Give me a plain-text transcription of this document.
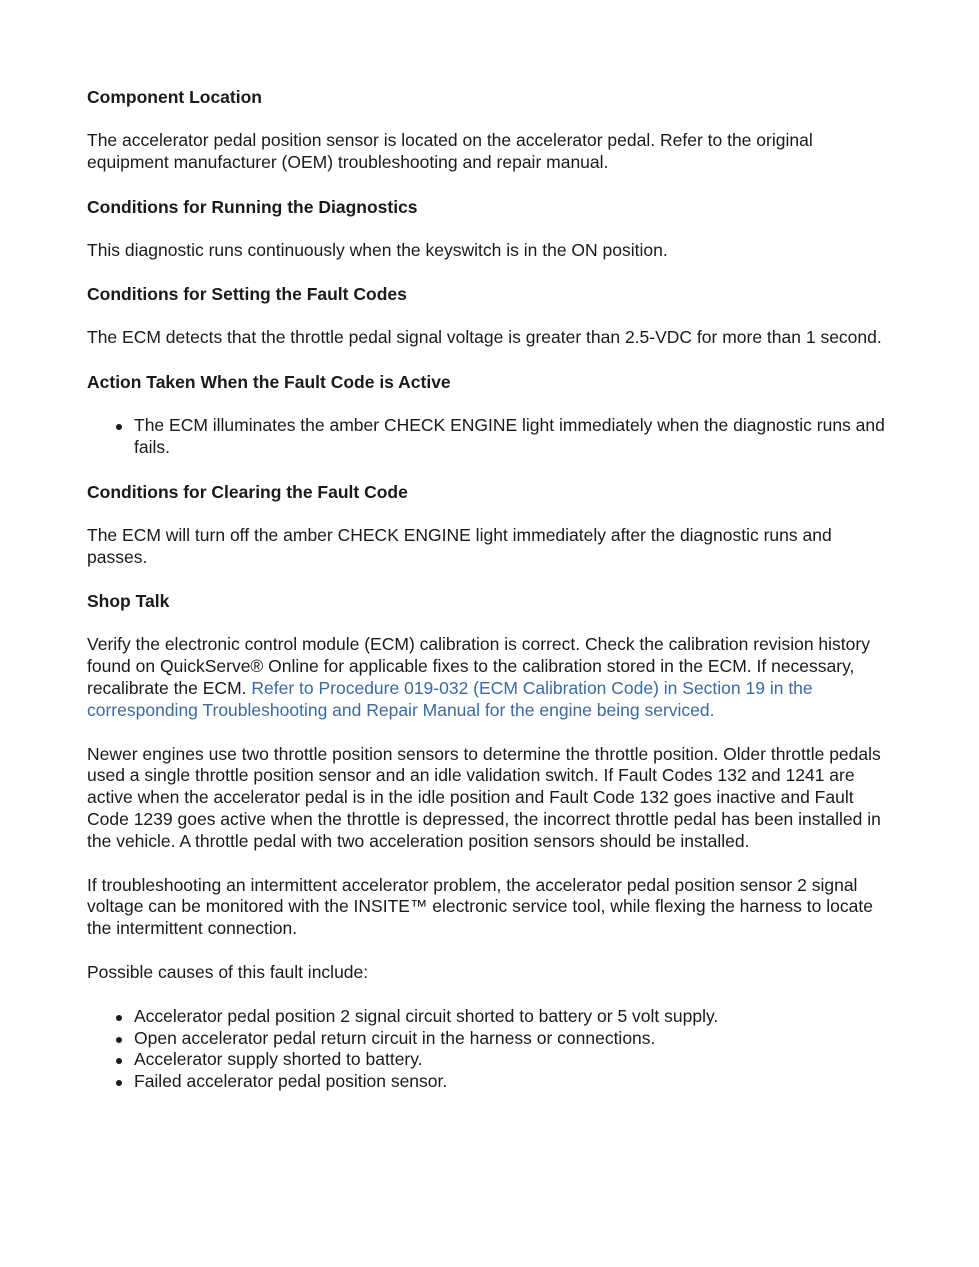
Component Location

The accelerator pedal position sensor is located on the accelerator pedal. Refer to the original equipment manufacturer (OEM) troubleshooting and repair manual.

Conditions for Running the Diagnostics

This diagnostic runs continuously when the keyswitch is in the ON position.

Conditions for Setting the Fault Codes

The ECM detects that the throttle pedal signal voltage is greater than 2.5-VDC for more than 1 second.

Action Taken When the Fault Code is Active

The ECM illuminates the amber CHECK ENGINE light immediately when the diagnostic runs and fails.

Conditions for Clearing the Fault Code

The ECM will turn off the amber CHECK ENGINE light immediately after the diagnostic runs and passes.

Shop Talk

Verify the electronic control module (ECM) calibration is correct. Check the calibration revision history found on QuickServe® Online for applicable fixes to the calibration stored in the ECM. If necessary, recalibrate the ECM. Refer to Procedure 019-032 (ECM Calibration Code) in Section 19 in the corresponding Troubleshooting and Repair Manual for the engine being serviced.

Newer engines use two throttle position sensors to determine the throttle position. Older throttle pedals used a single throttle position sensor and an idle validation switch. If Fault Codes 132 and 1241 are active when the accelerator pedal is in the idle position and Fault Code 132 goes inactive and Fault Code 1239 goes active when the throttle is depressed, the incorrect throttle pedal has been installed in the vehicle. A throttle pedal with two acceleration position sensors should be installed.

If troubleshooting an intermittent accelerator problem, the accelerator pedal position sensor 2 signal voltage can be monitored with the INSITE™ electronic service tool, while flexing the harness to locate the intermittent connection.

Possible causes of this fault include:

Accelerator pedal position 2 signal circuit shorted to battery or 5 volt supply.
Open accelerator pedal return circuit in the harness or connections.
Accelerator supply shorted to battery.
Failed accelerator pedal position sensor.
